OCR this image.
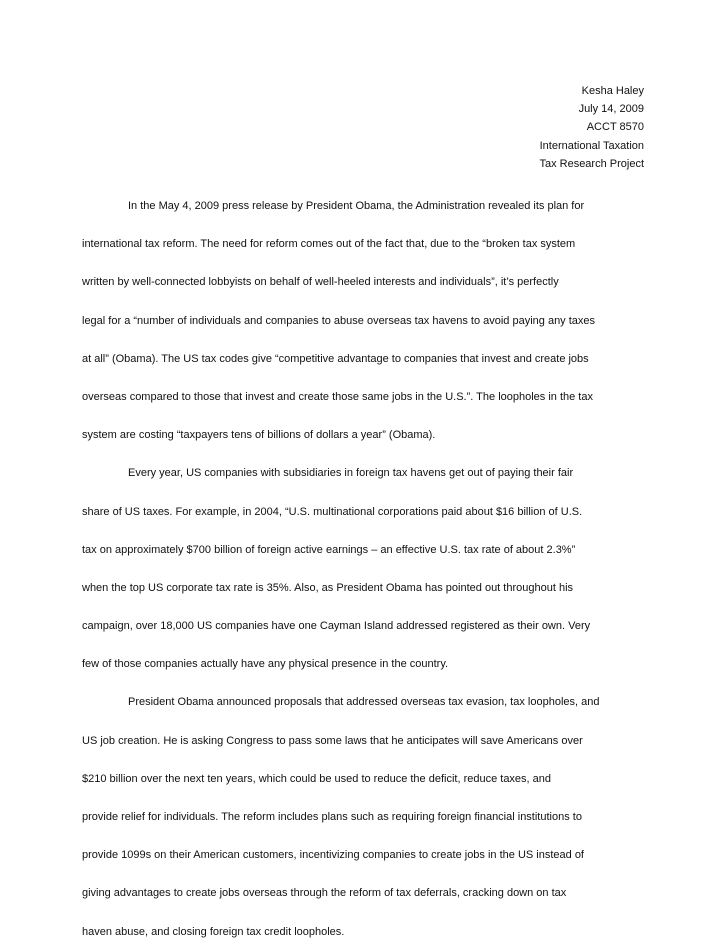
Kesha Haley
July 14, 2009
ACCT 8570
International Taxation
Tax Research Project
In the May 4, 2009 press release by President Obama, the Administration revealed its plan for
international tax reform. The need for reform comes out of the fact that, due to the “broken tax system
written by well-connected lobbyists on behalf of well-heeled interests and individuals”, it’s perfectly
legal for a “number of individuals and companies to abuse overseas tax havens to avoid paying any taxes
at all” (Obama). The US tax codes give “competitive advantage to companies that invest and create jobs
overseas compared to those that invest and create those same jobs in the U.S.”. The loopholes in the tax
system are costing “taxpayers tens of billions of dollars a year” (Obama).
Every year, US companies with subsidiaries in foreign tax havens get out of paying their fair
share of US taxes. For example, in 2004, “U.S. multinational corporations paid about $16 billion of U.S.
tax on approximately $700 billion of foreign active earnings – an effective U.S. tax rate of about 2.3%”
when the top US corporate tax rate is 35%. Also, as President Obama has pointed out throughout his
campaign, over 18,000 US companies have one Cayman Island addressed registered as their own. Very
few of those companies actually have any physical presence in the country.
President Obama announced proposals that addressed overseas tax evasion, tax loopholes, and
US job creation. He is asking Congress to pass some laws that he anticipates will save Americans over
$210 billion over the next ten years, which could be used to reduce the deficit, reduce taxes, and
provide relief for individuals. The reform includes plans such as requiring foreign financial institutions to
provide 1099s on their American customers, incentivizing companies to create jobs in the US instead of
giving advantages to create jobs overseas through the reform of tax deferrals, cracking down on tax
haven abuse, and closing foreign tax credit loopholes.
